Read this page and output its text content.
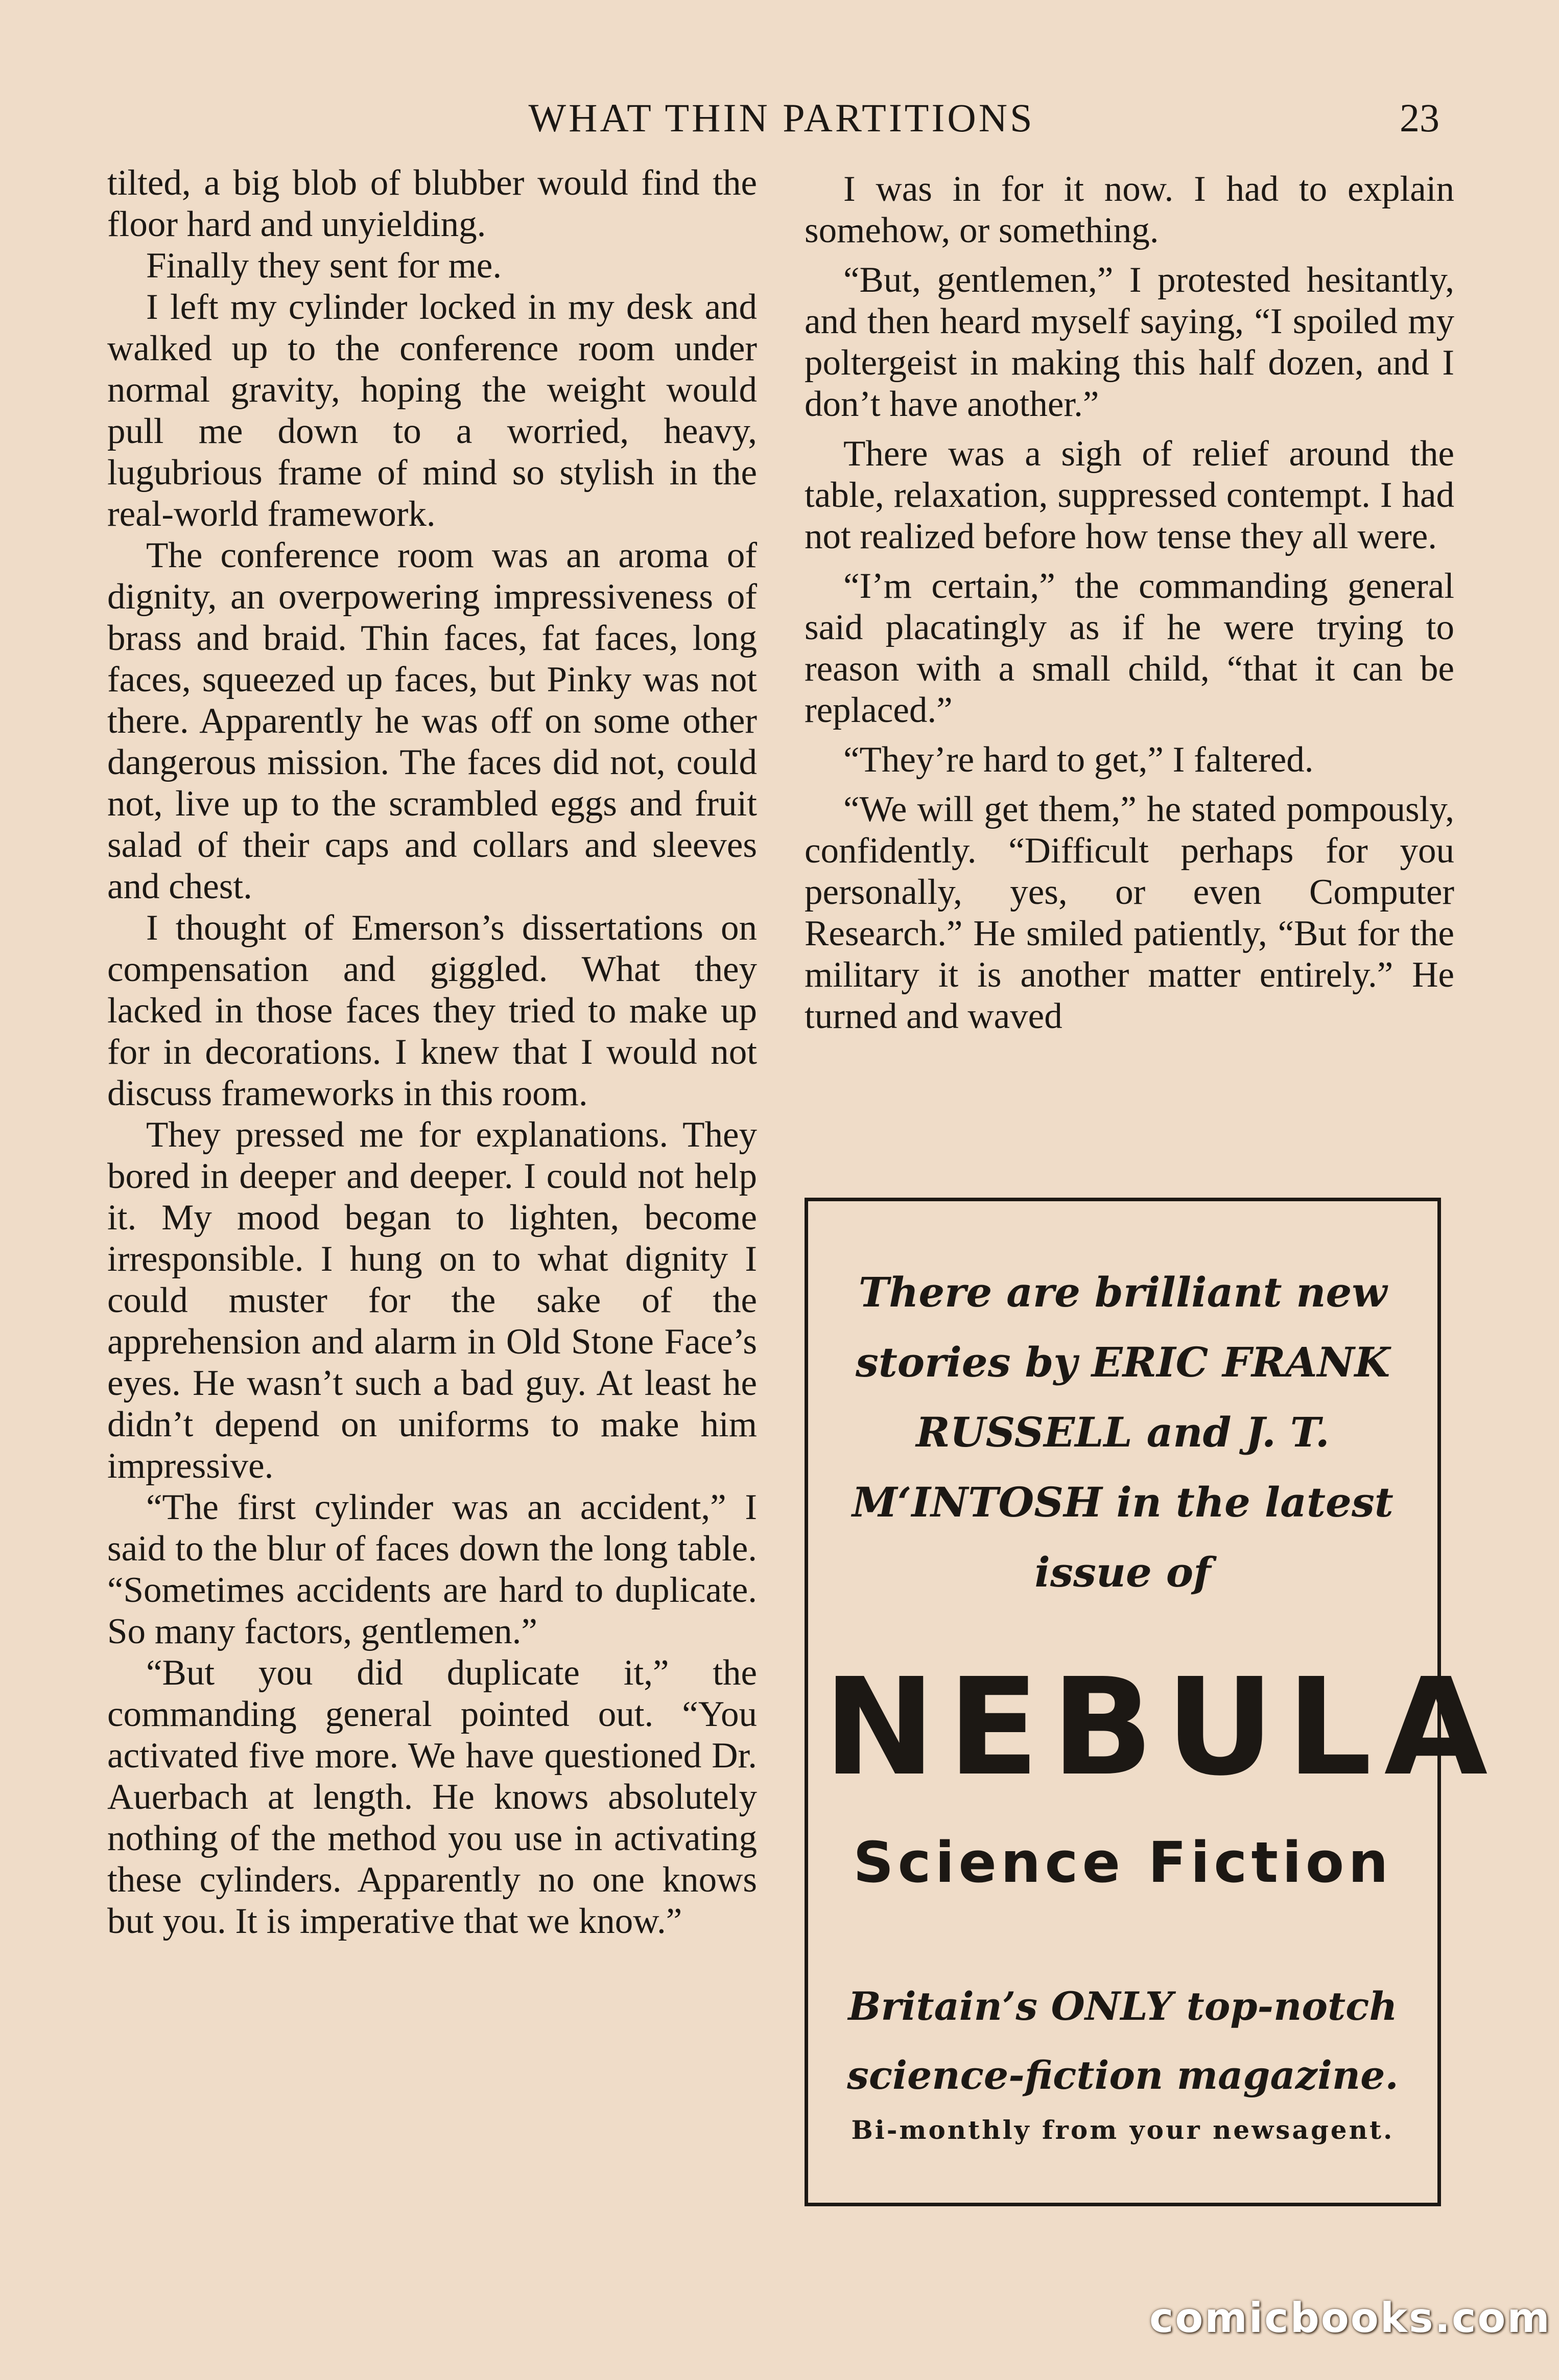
WHAT THIN PARTITIONS	23

tilted, a big blob of blubber would find the floor hard and unyielding.

Finally they sent for me.

I left my cylinder locked in my desk and walked up to the conference room under normal gravity, hoping the weight would pull me down to a worried, heavy, lugubrious frame of mind so stylish in the real-world framework.

The conference room was an aroma of dignity, an overpowering impressiveness of brass and braid. Thin faces, fat faces, long faces, squeezed up faces, but Pinky was not there. Apparently he was off on some other dangerous mission. The faces did not, could not, live up to the scrambled eggs and fruit salad of their caps and collars and sleeves and chest.

I thought of Emerson’s dissertations on compensation and giggled. What they lacked in those faces they tried to make up for in decorations. I knew that I would not discuss frameworks in this room.

They pressed me for explanations. They bored in deeper and deeper. I could not help it. My mood began to lighten, become irresponsible. I hung on to what dignity I could muster for the sake of the apprehension and alarm in Old Stone Face’s eyes. He wasn’t such a bad guy. At least he didn’t depend on uniforms to make him impressive.

“The first cylinder was an accident,” I said to the blur of faces down the long table. “Sometimes accidents are hard to duplicate. So many factors, gentlemen.”

“But you did duplicate it,” the commanding general pointed out. “You activated five more. We have questioned Dr. Auerbach at length. He knows absolutely nothing of the method you use in activating these cylinders. Apparently no one knows but you. It is imperative that we know.”

I was in for it now. I had to explain somehow, or something.

“But, gentlemen,” I protested hesitantly, and then heard myself saying, “I spoiled my poltergeist in making this half dozen, and I don’t have another.”

There was a sigh of relief around the table, relaxation, suppressed contempt. I had not realized before how tense they all were.

“I’m certain,” the commanding general said placatingly as if he were trying to reason with a small child, “that it can be replaced.”

“They’re hard to get,” I faltered.

“We will get them,” he stated pompously, confidently. “Difficult perhaps for you personally, yes, or even Computer Research.” He smiled patiently, “But for the military it is another matter entirely.” He turned and waved

There are brilliant new stories by ERIC FRANK RUSSELL and J. T. M‘INTOSH in the latest issue of
NEBULA
Science Fiction
Britain’s ONLY top-notch science-fiction magazine.
Bi-monthly from your newsagent.
comicbooks.com
